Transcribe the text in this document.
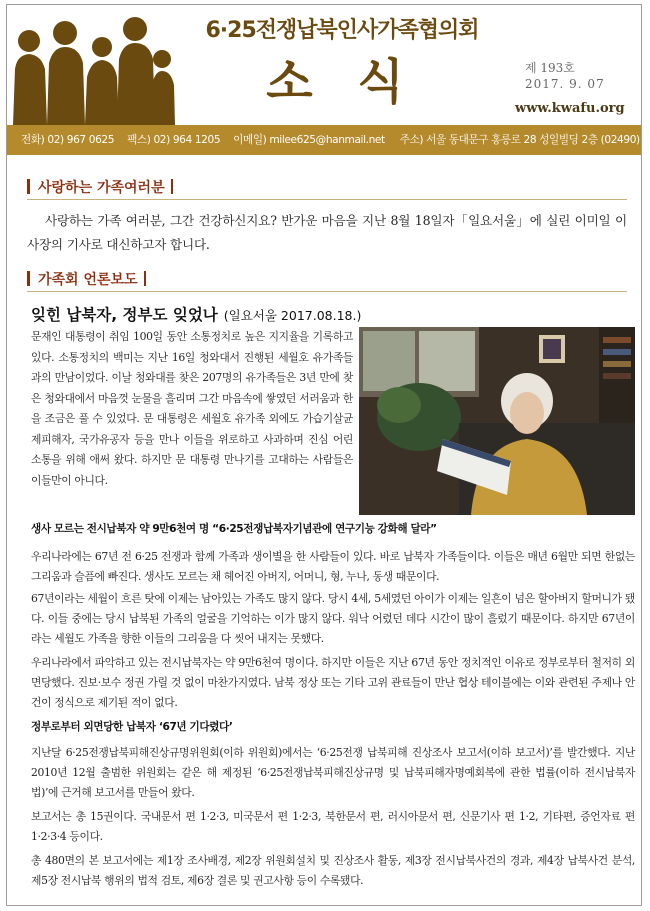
6·25전쟁납북인사가족협의회
소 식	제 193호
2017. 9. 07
www.kwafu.org
전화) 02) 967 0625 팩스) 02) 964 1205 이메일) milee625@hanmail.net 주소) 서울 동대문구 홍릉로 28 성일빌딩 2층 (02490)
사랑하는 가족여러분
사랑하는 가족 여러분, 그간 건강하신지요? 반가운 마음을 지난 8월 18일자「일요서울」에 실린 이미일 이사장의 기사로 대신하고자 합니다.
가족회 언론보도
잊힌 납북자, 정부도 잊었나 (일요서울 2017.08.18.)
문재인 대통령이 취임 100일 동안 소통정치로 높은 지지율을 기록하고 있다. 소통정치의 백미는 지난 16일 청와대서 진행된 세월호 유가족들과의 만남이었다. 이날 청와대를 찾은 207명의 유가족들은 3년 만에 찾은 청와대에서 마음껏 눈물을 흘리며 그간 마음속에 쌓였던 서러움과 한을 조금은 풀 수 있었다. 문 대통령은 세월호 유가족 외에도 가습기살균제피해자, 국가유공자 등을 만나 이들을 위로하고 사과하며 진심 어린 소통을 위해 애써 왔다. 하지만 문 대통령 만나기를 고대하는 사람들은 이들만이 아니다.
생사 모르는 전시납북자 약 9만6천여 명 “6·25전쟁납북자기념관에 연구기능 강화해 달라”
우리나라에는 67년 전 6·25 전쟁과 함께 가족과 생이별을 한 사람들이 있다. 바로 납북자 가족들이다. 이들은 매년 6월만 되면 한없는 그리움과 슬픔에 빠진다. 생사도 모르는 채 헤어진 아버지, 어머니, 형, 누나, 동생 때문이다.
67년이라는 세월이 흐른 탓에 이제는 남아있는 가족도 많지 않다. 당시 4세, 5세였던 아이가 이제는 일흔이 넘은 할아버지 할머니가 됐다. 이들 중에는 당시 납북된 가족의 얼굴을 기억하는 이가 많지 않다. 워낙 어렸던 데다 시간이 많이 흘렀기 때문이다. 하지만 67년이라는 세월도 가족을 향한 이들의 그리움을 다 씻어 내지는 못했다.
우리나라에서 파악하고 있는 전시납북자는 약 9만6천여 명이다. 하지만 이들은 지난 67년 동안 정치적인 이유로 정부로부터 철저히 외면당했다. 진보·보수 정권 가릴 것 없이 마찬가지였다. 남북 정상 또는 기타 고위 관료들이 만난 협상 테이블에는 이와 관련된 주제나 안건이 정식으로 제기된 적이 없다.
정부로부터 외면당한 납북자 ‘67년 기다렸다’
지난달 6·25전쟁납북피해진상규명위원회(이하 위원회)에서는 ‘6·25전쟁 납북피해 진상조사 보고서(이하 보고서)’를 발간했다. 지난 2010년 12월 출범한 위원회는 같은 해 제정된 ‘6·25전쟁납북피해진상규명 및 납북피해자명예회복에 관한 법률(이하 전시납북자법)’에 근거해 보고서를 만들어 왔다.
보고서는 총 15권이다. 국내문서 편 1·2·3, 미국문서 편 1·2·3, 북한문서 편, 러시아문서 편, 신문기사 편 1·2, 기타편, 증언자료 편 1·2·3·4 등이다.
총 480면의 본 보고서에는 제1장 조사배경, 제2장 위원회설치 및 진상조사 활동, 제3장 전시납북사건의 경과, 제4장 납북사건 분석, 제5장 전시납북 행위의 법적 검토, 제6장 결론 및 권고사항 등이 수록됐다.
